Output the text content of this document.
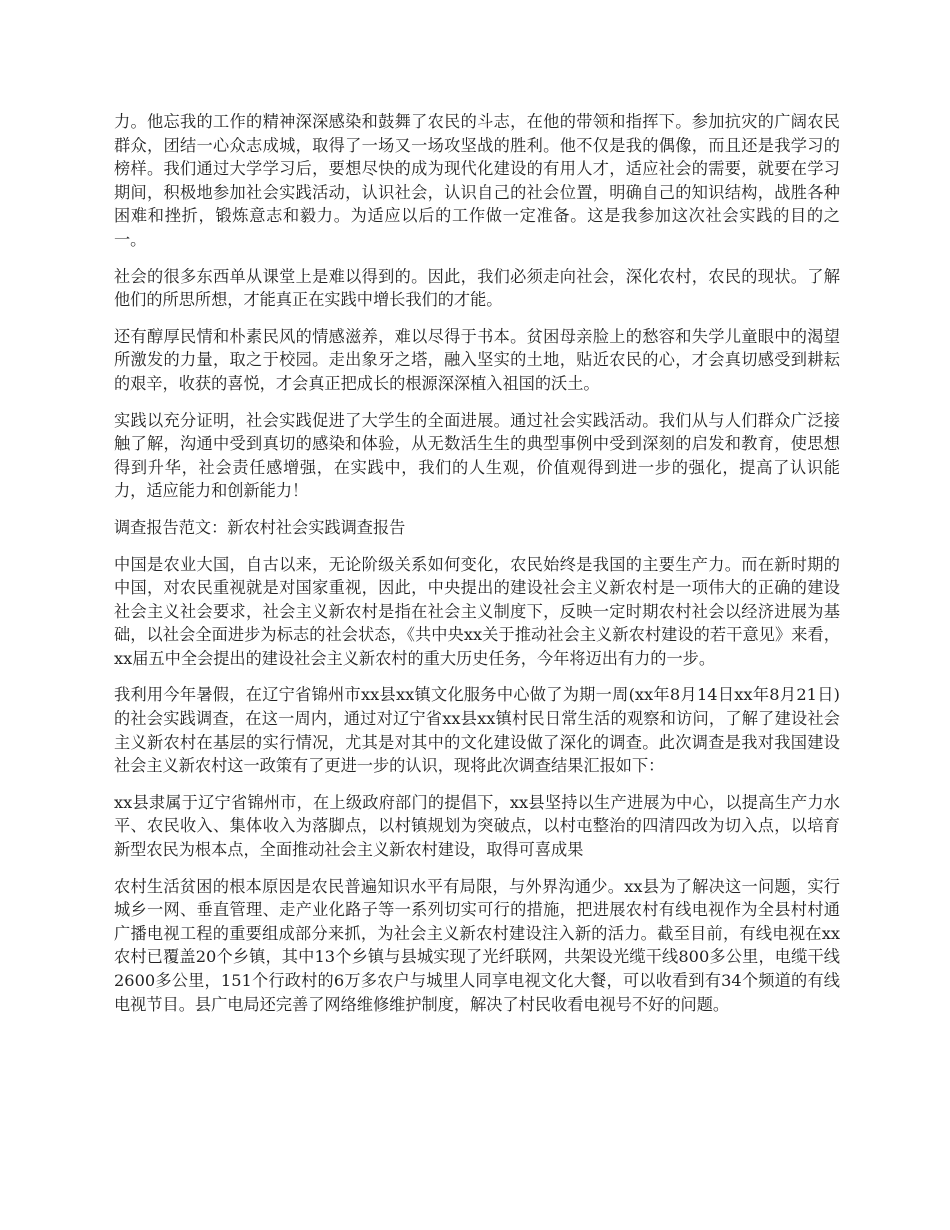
力。他忘我的工作的精神深深感染和鼓舞了农民的斗志，在他的带领和指挥下。参加抗灾的广阔农民群众，团结一心众志成城，取得了一场又一场攻坚战的胜利。他不仅是我的偶像，而且还是我学习的榜样。我们通过大学学习后，要想尽快的成为现代化建设的有用人才，适应社会的需要，就要在学习期间，积极地参加社会实践活动，认识社会，认识自己的社会位置，明确自己的知识结构，战胜各种困难和挫折，锻炼意志和毅力。为适应以后的工作做一定准备。这是我参加这次社会实践的目的之一。

社会的很多东西单从课堂上是难以得到的。因此，我们必须走向社会，深化农村，农民的现状。了解他们的所思所想，才能真正在实践中增长我们的才能。

还有醇厚民情和朴素民风的情感滋养，难以尽得于书本。贫困母亲脸上的愁容和失学儿童眼中的渴望所激发的力量，取之于校园。走出象牙之塔，融入坚实的土地，贴近农民的心，才会真切感受到耕耘的艰辛，收获的喜悦，才会真正把成长的根源深深植入祖国的沃土。

实践以充分证明，社会实践促进了大学生的全面进展。通过社会实践活动。我们从与人们群众广泛接触了解，沟通中受到真切的感染和体验，从无数活生生的典型事例中受到深刻的启发和教育，使思想得到升华，社会责任感增强，在实践中，我们的人生观，价值观得到进一步的强化，提高了认识能力，适应能力和创新能力！

调查报告范文：新农村社会实践调查报告

中国是农业大国，自古以来，无论阶级关系如何变化，农民始终是我国的主要生产力。而在新时期的中国，对农民重视就是对国家重视，因此，中央提出的建设社会主义新农村是一项伟大的正确的建设社会主义社会要求，社会主义新农村是指在社会主义制度下，反映一定时期农村社会以经济进展为基础，以社会全面进步为标志的社会状态，《共中央xx关于推动社会主义新农村建设的若干意见》来看，xx届五中全会提出的建设社会主义新农村的重大历史任务，今年将迈出有力的一步。

我利用今年暑假，在辽宁省锦州市xx县xx镇文化服务中心做了为期一周(xx年8月14日xx年8月21日)的社会实践调查，在这一周内，通过对辽宁省xx县xx镇村民日常生活的观察和访问，了解了建设社会主义新农村在基层的实行情况，尤其是对其中的文化建设做了深化的调查。此次调查是我对我国建设社会主义新农村这一政策有了更进一步的认识，现将此次调查结果汇报如下：

xx县隶属于辽宁省锦州市，在上级政府部门的提倡下，xx县坚持以生产进展为中心，以提高生产力水平、农民收入、集体收入为落脚点，以村镇规划为突破点，以村屯整治的四清四改为切入点，以培育新型农民为根本点，全面推动社会主义新农村建设，取得可喜成果

农村生活贫困的根本原因是农民普遍知识水平有局限，与外界沟通少。xx县为了解决这一问题，实行城乡一网、垂直管理、走产业化路子等一系列切实可行的措施，把进展农村有线电视作为全县村村通广播电视工程的重要组成部分来抓，为社会主义新农村建设注入新的活力。截至目前，有线电视在xx农村已覆盖20个乡镇，其中13个乡镇与县城实现了光纤联网，共架设光缆干线800多公里，电缆干线2600多公里，151个行政村的6万多农户与城里人同享电视文化大餐，可以收看到有34个频道的有线电视节目。县广电局还完善了网络维修维护制度，解决了村民收看电视号不好的问题。
